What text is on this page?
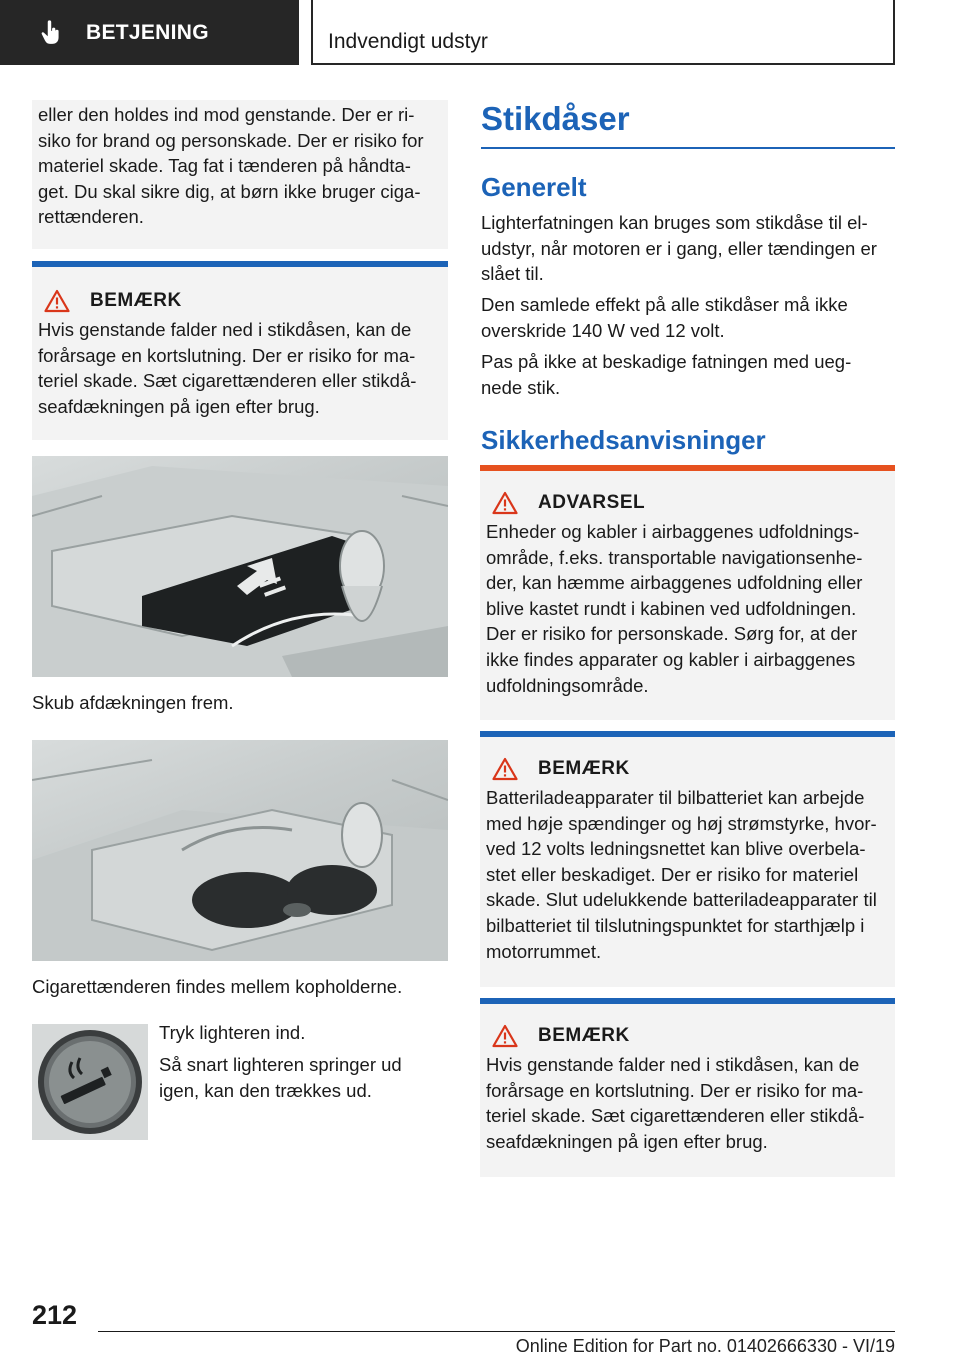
BETJENING	Indvendigt udstyr
eller den holdes ind mod genstande. Der er ri-
siko for brand og personskade. Der er risiko for
materiel skade. Tag fat i tænderen på håndta-
get. Du skal sikre dig, at børn ikke bruger ciga-
rettænderen.
BEMÆRK
Hvis genstande falder ned i stikdåsen, kan de
forårsage en kortslutning. Der er risiko for ma-
teriel skade. Sæt cigarettænderen eller stikdå-
seafdækningen på igen efter brug.
Skub afdækningen frem.
Cigarettænderen findes mellem kopholderne.
Tryk lighteren ind.
Så snart lighteren springer ud
igen, kan den trækkes ud.
Stikdåser
Generelt
Lighterfatningen kan bruges som stikdåse til el-
udstyr, når motoren er i gang, eller tændingen er
slået til.
Den samlede effekt på alle stikdåser må ikke
overskride 140 W ved 12 volt.
Pas på ikke at beskadige fatningen med ueg-
nede stik.
Sikkerhedsanvisninger
ADVARSEL
Enheder og kabler i airbaggenes udfoldnings-
område, f.eks. transportable navigationsenhe-
der, kan hæmme airbaggenes udfoldning eller
blive kastet rundt i kabinen ved udfoldningen.
Der er risiko for personskade. Sørg for, at der
ikke findes apparater og kabler i airbaggenes
udfoldningsområde.
BEMÆRK
Batteriladeapparater til bilbatteriet kan arbejde
med høje spændinger og høj strømstyrke, hvor-
ved 12 volts ledningsnettet kan blive overbela-
stet eller beskadiget. Der er risiko for materiel
skade. Slut udelukkende batteriladeapparater til
bilbatteriet til tilslutningspunktet for starthjælp i
motorrummet.
BEMÆRK
Hvis genstande falder ned i stikdåsen, kan de
forårsage en kortslutning. Der er risiko for ma-
teriel skade. Sæt cigarettænderen eller stikdå-
seafdækningen på igen efter brug.
212
Online Edition for Part no. 01402666330 - VI/19
